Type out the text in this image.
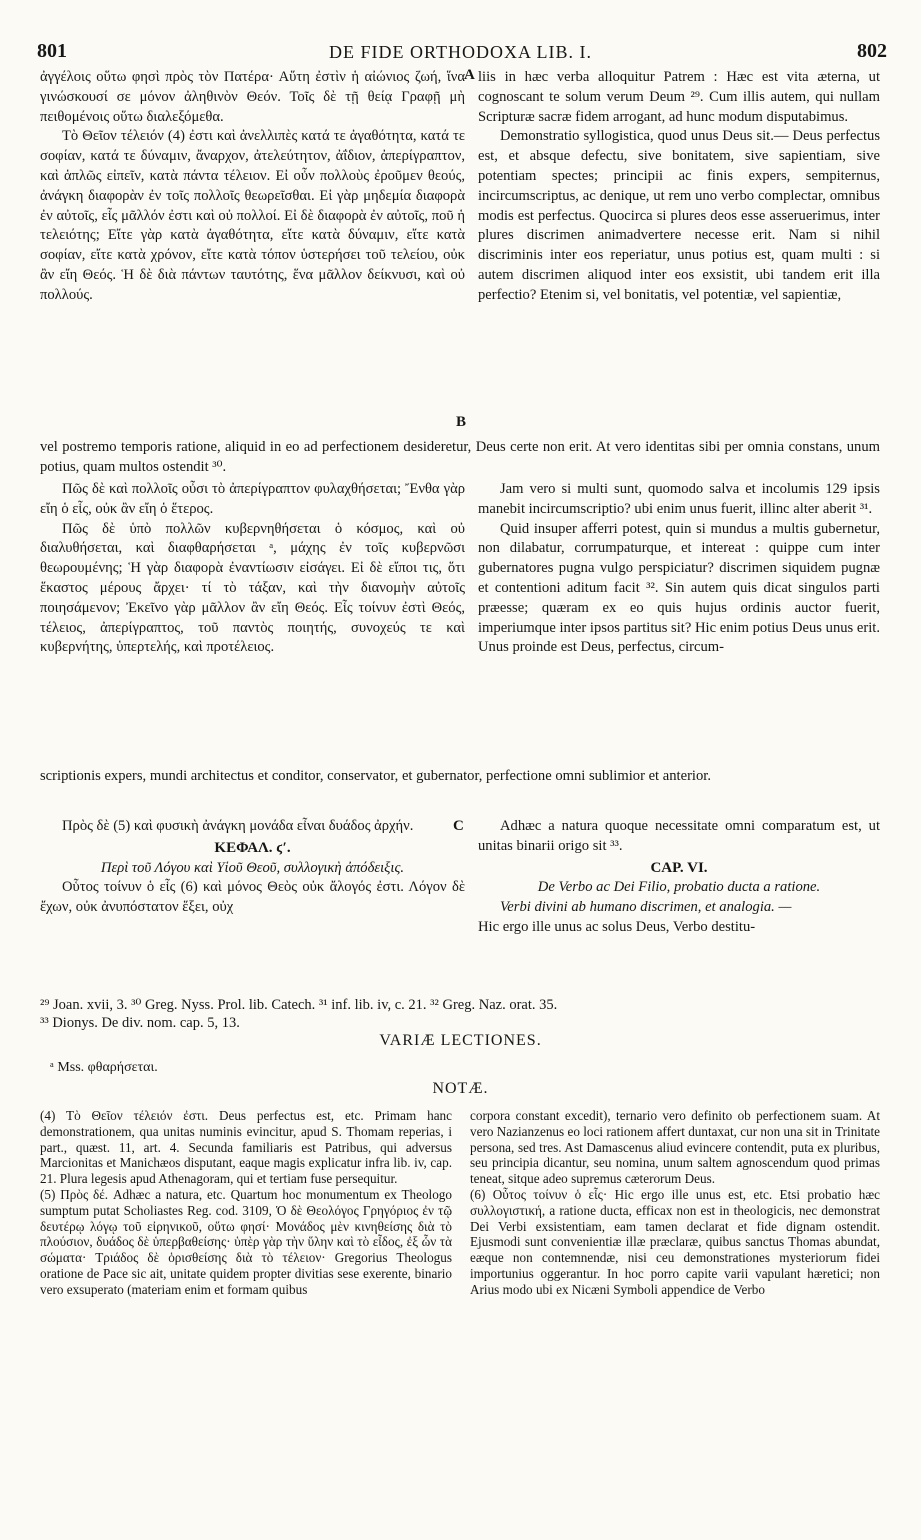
801	DE FIDE ORTHODOXA LIB. I.	802

ἀγγέλοις οὕτω φησὶ πρὸς τὸν Πατέρα· Αὕτη ἐστὶν ἡ αἰώνιος ζωή, ἵνα γινώσκουσί σε μόνον ἀληθινὸν Θεόν. Τοῖς δὲ τῇ θείᾳ Γραφῇ μὴ πειθομένοις οὕτω διαλεξόμεθα.

Τὸ Θεῖον τέλειόν (4) ἐστι καὶ ἀνελλιπὲς κατά τε ἀγαθότητα, κατά τε σοφίαν, κατά τε δύναμιν, ἄναρχον, ἀτελεύτητον, ἀΐδιον, ἀπερίγραπτον, καὶ ἁπλῶς εἰπεῖν, κατὰ πάντα τέλειον. Εἰ οὖν πολλοὺς ἐροῦμεν θεούς, ἀνάγκη διαφορὰν ἐν τοῖς πολλοῖς θεωρεῖσθαι. Εἰ γὰρ μηδεμία διαφορὰ ἐν αὐτοῖς, εἷς μᾶλλόν ἐστι καὶ οὐ πολλοί. Εἰ δὲ διαφορὰ ἐν αὐτοῖς, ποῦ ἡ τελειότης; Εἴτε γὰρ κατὰ ἀγαθότητα, εἴτε κατὰ δύναμιν, εἴτε κατὰ σοφίαν, εἴτε κατὰ χρόνον, εἴτε κατὰ τόπον ὑστερήσει τοῦ τελείου, οὐκ ἂν εἴη Θεός. Ἡ δὲ διὰ πάντων ταυτότης, ἕνα μᾶλλον δείκνυσι, καὶ οὐ πολλούς.

A liis in hæc verba alloquitur Patrem : Hæc est vita æterna, ut cognoscant te solum verum Deum ²⁹. Cum illis autem, qui nullam Scripturæ sacræ fidem arrogant, ad hunc modum disputabimus.

Demonstratio syllogistica, quod unus Deus sit.— Deus perfectus est, et absque defectu, sive bonitatem, sive sapientiam, sive potentiam spectes; principii ac finis expers, sempiternus, incircumscriptus, ac denique, ut rem uno verbo complectar, omnibus modis est perfectus. Quocirca si plures deos esse asseruerimus, inter plures discrimen animadvertere necesse erit. Nam si nihil discriminis inter eos reperiatur, unus potius est, quam multi : si autem discrimen aliquod inter eos exsistit, ubi tandem erit illa perfectio? Etenim si, vel bonitatis, vel potentiæ, vel sapientiæ,

B

vel postremo temporis ratione, aliquid in eo ad perfectionem desideretur, Deus certe non erit. At vero identitas sibi per omnia constans, unum potius, quam multos ostendit ³⁰.

Πῶς δὲ καὶ πολλοῖς οὖσι τὸ ἀπερίγραπτον φυλαχθήσεται; Ἔνθα γὰρ εἴη ὁ εἷς, οὐκ ἂν εἴη ὁ ἕτερος.

Πῶς δὲ ὑπὸ πολλῶν κυβερνηθήσεται ὁ κόσμος, καὶ οὐ διαλυθήσεται, καὶ διαφθαρήσεται ᵃ, μάχης ἐν τοῖς κυβερνῶσι θεωρουμένης; Ἡ γὰρ διαφορὰ ἐναντίωσιν εἰσάγει. Εἰ δὲ εἴποι τις, ὅτι ἕκαστος μέρους ἄρχει· τί τὸ τάξαν, καὶ τὴν διανομὴν αὐτοῖς ποιησάμενον; Ἐκεῖνο γὰρ μᾶλλον ἂν εἴη Θεός. Εἷς τοίνυν ἐστὶ Θεός, τέλειος, ἀπερίγραπτος, τοῦ παντὸς ποιητής, συνοχεύς τε καὶ κυβερνήτης, ὑπερτελής, καὶ προτέλειος.

Jam vero si multi sunt, quomodo salva et incolumis 129 ipsis manebit incircumscriptio? ubi enim unus fuerit, illinc alter aberit ³¹.

Quid insuper afferri potest, quin si mundus a multis gubernetur, non dilabatur, corrumpaturque, et intereat : quippe cum inter gubernatores pugna vulgo perspiciatur? discrimen siquidem pugnæ et contentioni aditum facit ³². Sin autem quis dicat singulos parti præesse; quæram ex eo quis hujus ordinis auctor fuerit, imperiumque inter ipsos partitus sit? Hic enim potius Deus unus erit. Unus proinde est Deus, perfectus, circum-

scriptionis expers, mundi architectus et conditor, conservator, et gubernator, perfectione omni sublimior et anterior.

Πρὸς δὲ (5) καὶ φυσικὴ ἀνάγκη μονάδα εἶναι δυάδος ἀρχήν.

ΚΕΦΑΛ. ϛʹ.

Περὶ τοῦ Λόγου καὶ Υἱοῦ Θεοῦ, συλλογικὴ ἀπόδειξις.

Οὗτος τοίνυν ὁ εἷς (6) καὶ μόνος Θεὸς οὐκ ἄλογός ἐστι. Λόγον δὲ ἔχων, οὐκ ἀνυπόστατον ἕξει, οὐχ

C	Adhæc a natura quoque necessitate omni comparatum est, ut unitas binarii origo sit ³³.

CAP. VI.

De Verbo ac Dei Filio, probatio ducta a ratione.

Verbi divini ab humano discrimen, et analogia. —

Hic ergo ille unus ac solus Deus, Verbo destitu-

²⁹ Joan. xvii, 3. ³⁰ Greg. Nyss. Prol. lib. Catech. ³¹ inf. lib. iv, c. 21. ³² Greg. Naz. orat. 35.
³³ Dionys. De div. nom. cap. 5, 13.
VARIÆ LECTIONES.
ᵃ Mss. φθαρήσεται.
NOTÆ.

(4) Τὸ Θεῖον τέλειόν ἐστι. Deus perfectus est, etc. Primam hanc demonstrationem, qua unitas numinis evincitur, apud S. Thomam reperias, i part., quæst. 11, art. 4. Secunda familiaris est Patribus, qui adversus Marcionitas et Manichæos disputant, eaque magis explicatur infra lib. iv, cap. 21. Plura legesis apud Athenagoram, qui et tertiam fuse persequitur.

(5) Πρὸς δέ. Adhæc a natura, etc. Quartum hoc monumentum ex Theologo sumptum putat Scholiastes Reg. cod. 3109, Ὁ δὲ Θεολόγος Γρηγόριος ἐν τῷ δευτέρῳ λόγῳ τοῦ εἰρηνικοῦ, οὕτω φησί· Μονάδος μὲν κινηθείσης διὰ τὸ πλούσιον, δυάδος δὲ ὑπερβαθείσης· ὑπὲρ γὰρ τὴν ὕλην καὶ τὸ εἶδος, ἐξ ὧν τὰ σώματα· Τριάδος δὲ ὁρισθείσης διὰ τὸ τέλειον· Gregorius Theologus oratione de Pace sic ait, unitate quidem propter divitias sese exerente, binario vero exsuperato (materiam enim et formam quibus

corpora constant excedit), ternario vero definito ob perfectionem suam. At vero Nazianzenus eo loci rationem affert duntaxat, cur non una sit in Trinitate persona, sed tres. Ast Damascenus aliud evincere contendit, puta ex pluribus, seu principia dicantur, seu nomina, unum saltem agnoscendum quod primas teneat, sitque adeo supremus cæterorum Deus.

(6) Οὗτος τοίνυν ὁ εἷς· Hic ergo ille unus est, etc. Etsi probatio hæc συλλογιστική, a ratione ducta, efficax non est in theologicis, nec demonstrat Dei Verbi exsistentiam, eam tamen declarat et fide dignam ostendit. Ejusmodi sunt convenientiæ illæ præclaræ, quibus sanctus Thomas abundat, eæque non contemnendæ, nisi ceu demonstrationes mysteriorum fidei importunius oggerantur. In hoc porro capite varii vapulant hæretici; non Arius modo ubi ex Nicæni Symboli appendice de Verbo
